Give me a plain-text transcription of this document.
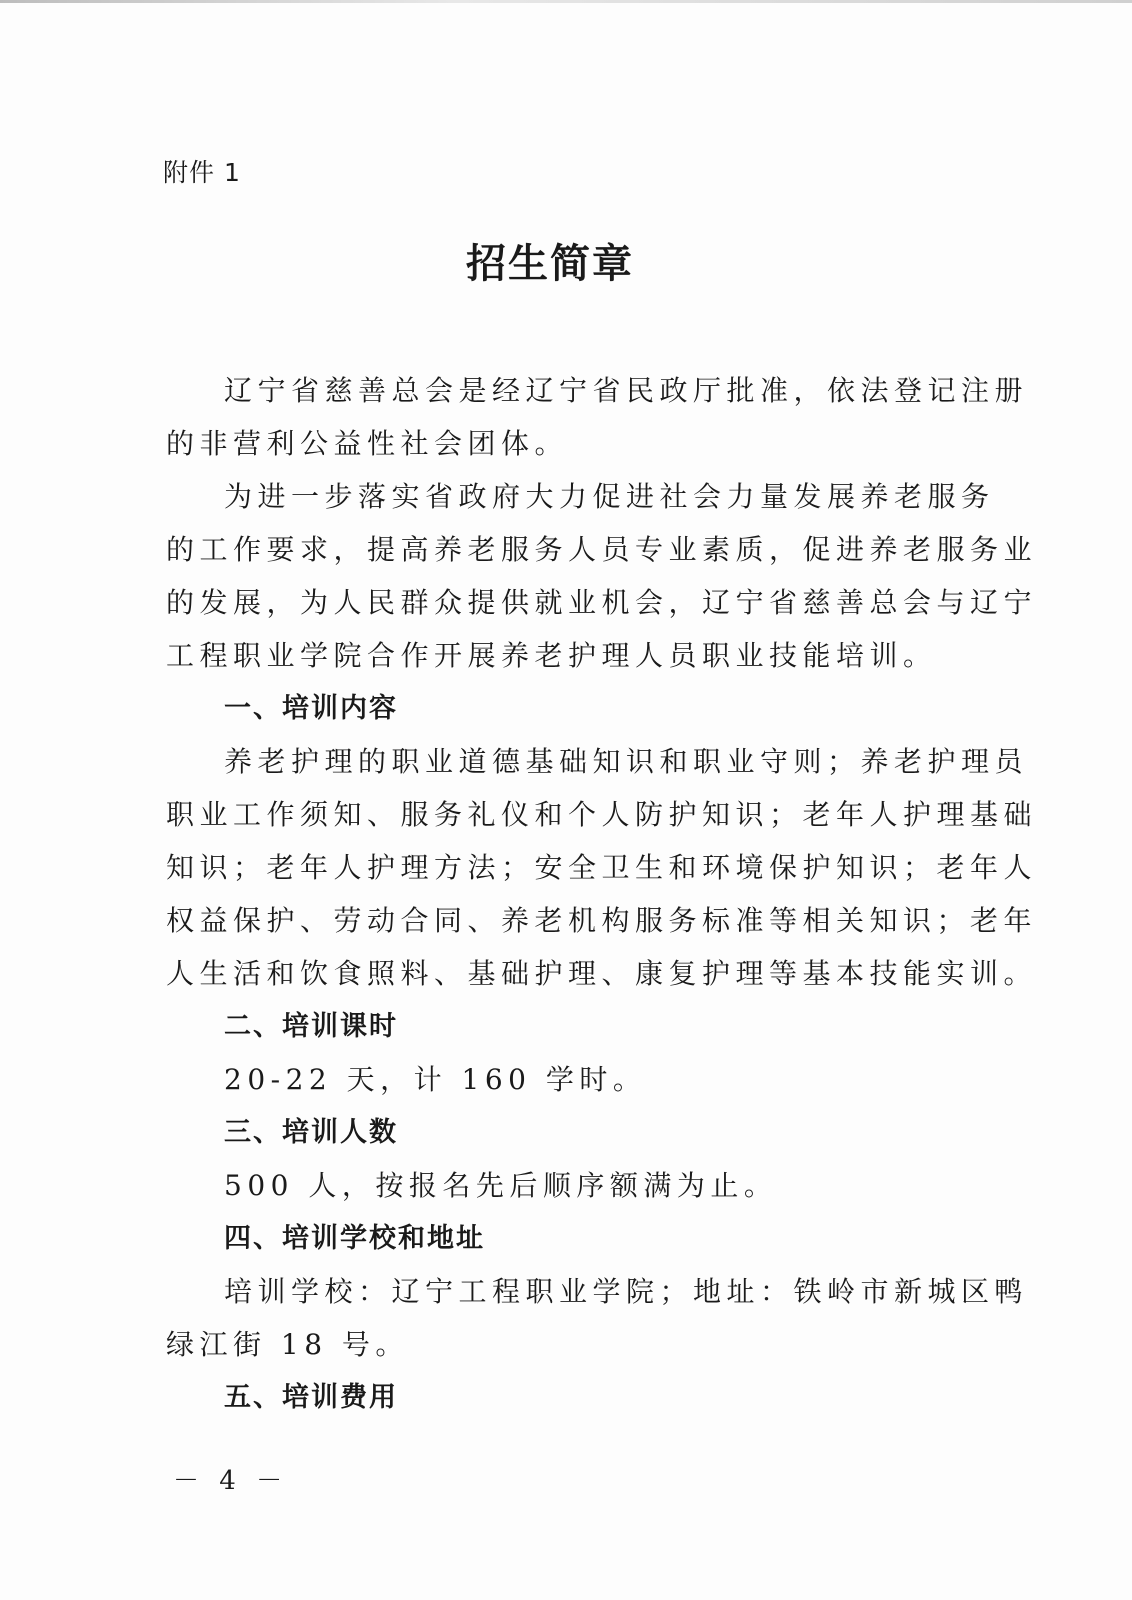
附件 1
招生简章
辽宁省慈善总会是经辽宁省民政厅批准，依法登记注册
的非营利公益性社会团体。
为进一步落实省政府大力促进社会力量发展养老服务
的工作要求，提高养老服务人员专业素质，促进养老服务业
的发展，为人民群众提供就业机会，辽宁省慈善总会与辽宁
工程职业学院合作开展养老护理人员职业技能培训。
一、培训内容
养老护理的职业道德基础知识和职业守则；养老护理员
职业工作须知、服务礼仪和个人防护知识；老年人护理基础
知识；老年人护理方法；安全卫生和环境保护知识；老年人
权益保护、劳动合同、养老机构服务标准等相关知识；老年
人生活和饮食照料、基础护理、康复护理等基本技能实训。
二、培训课时
20-22 天，计 160 学时。
三、培训人数
500 人，按报名先后顺序额满为止。
四、培训学校和地址
培训学校：辽宁工程职业学院；地址：铁岭市新城区鸭
绿江街 18 号。
五、培训费用
－ 4 －
